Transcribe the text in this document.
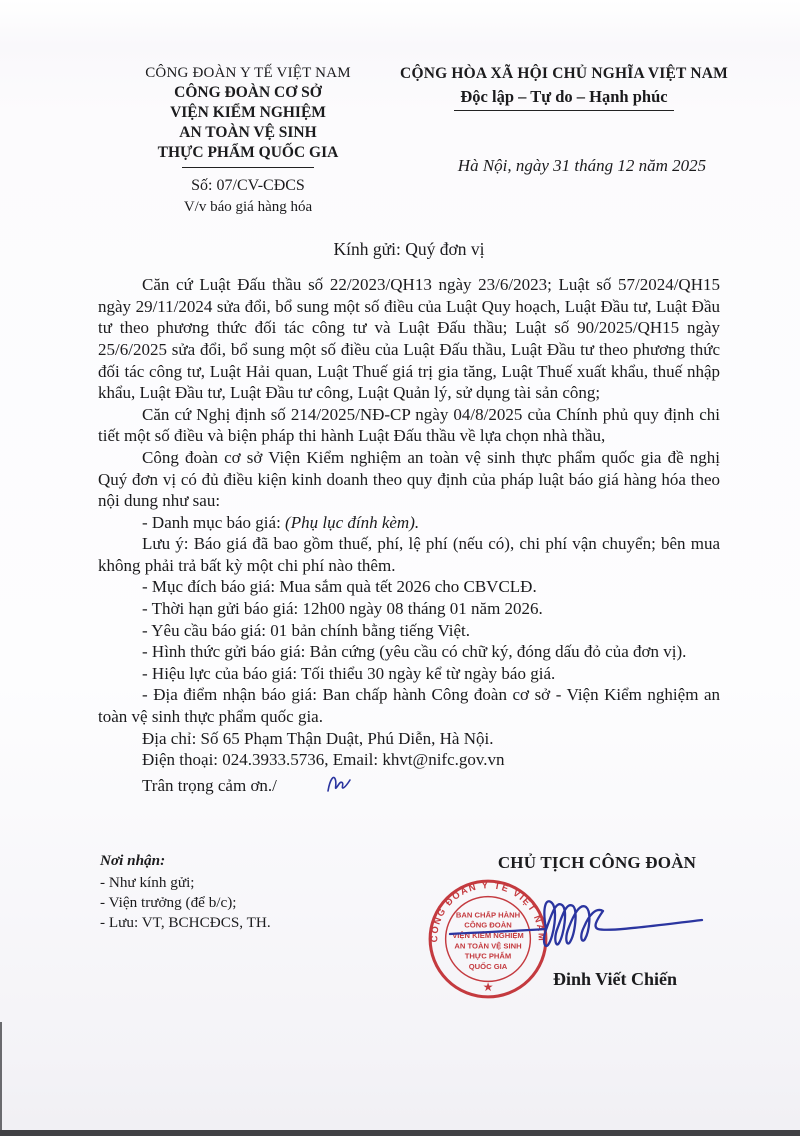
CÔNG ĐOÀN Y TẾ VIỆT NAM
CÔNG ĐOÀN CƠ SỞ
VIỆN KIỂM NGHIỆM
AN TOÀN VỆ SINH
THỰC PHẨM QUỐC GIA
Số: 07/CV-CĐCS
V/v báo giá hàng hóa
CỘNG HÒA XÃ HỘI CHỦ NGHĨA VIỆT NAM
Độc lập – Tự do – Hạnh phúc
Hà Nội, ngày 31 tháng 12 năm 2025
Kính gửi: Quý đơn vị

Căn cứ Luật Đấu thầu số 22/2023/QH13 ngày 23/6/2023; Luật số 57/2024/QH15 ngày 29/11/2024 sửa đổi, bổ sung một số điều của Luật Quy hoạch, Luật Đầu tư, Luật Đầu tư theo phương thức đối tác công tư và Luật Đấu thầu; Luật số 90/2025/QH15 ngày 25/6/2025 sửa đổi, bổ sung một số điều của Luật Đấu thầu, Luật Đầu tư theo phương thức đối tác công tư, Luật Hải quan, Luật Thuế giá trị gia tăng, Luật Thuế xuất khẩu, thuế nhập khẩu, Luật Đầu tư, Luật Đầu tư công, Luật Quản lý, sử dụng tài sản công;

Căn cứ Nghị định số 214/2025/NĐ-CP ngày 04/8/2025 của Chính phủ quy định chi tiết một số điều và biện pháp thi hành Luật Đấu thầu về lựa chọn nhà thầu,

Công đoàn cơ sở Viện Kiểm nghiệm an toàn vệ sinh thực phẩm quốc gia đề nghị Quý đơn vị có đủ điều kiện kinh doanh theo quy định của pháp luật báo giá hàng hóa theo nội dung như sau:

- Danh mục báo giá: (Phụ lục đính kèm).

Lưu ý: Báo giá đã bao gồm thuế, phí, lệ phí (nếu có), chi phí vận chuyển; bên mua không phải trả bất kỳ một chi phí nào thêm.

- Mục đích báo giá: Mua sắm quà tết 2026 cho CBVCLĐ.

- Thời hạn gửi báo giá: 12h00 ngày 08 tháng 01 năm 2026.

- Yêu cầu báo giá: 01 bản chính bằng tiếng Việt.

- Hình thức gửi báo giá: Bản cứng (yêu cầu có chữ ký, đóng dấu đỏ của đơn vị).

- Hiệu lực của báo giá: Tối thiểu 30 ngày kể từ ngày báo giá.

- Địa điểm nhận báo giá: Ban chấp hành Công đoàn cơ sở - Viện Kiểm nghiệm an toàn vệ sinh thực phẩm quốc gia.

Địa chỉ: Số 65 Phạm Thận Duật, Phú Diễn, Hà Nội.

Điện thoại: 024.3933.5736, Email: khvt@nifc.gov.vn

Trân trọng cảm ơn./

Nơi nhận:
- Như kính gửi;
- Viện trưởng (để b/c);
- Lưu: VT, BCHCĐCS, TH.
CHỦ TỊCH CÔNG ĐOÀN
CÔNG ĐOÀN Y TẾ VIỆT NAM
BAN CHẤP HÀNH
CÔNG ĐOÀN
VIỆN KIỂM NGHIỆM
AN TOÀN VỆ SINH
THỰC PHẨM
QUỐC GIA
★	Đinh Viết Chiến
